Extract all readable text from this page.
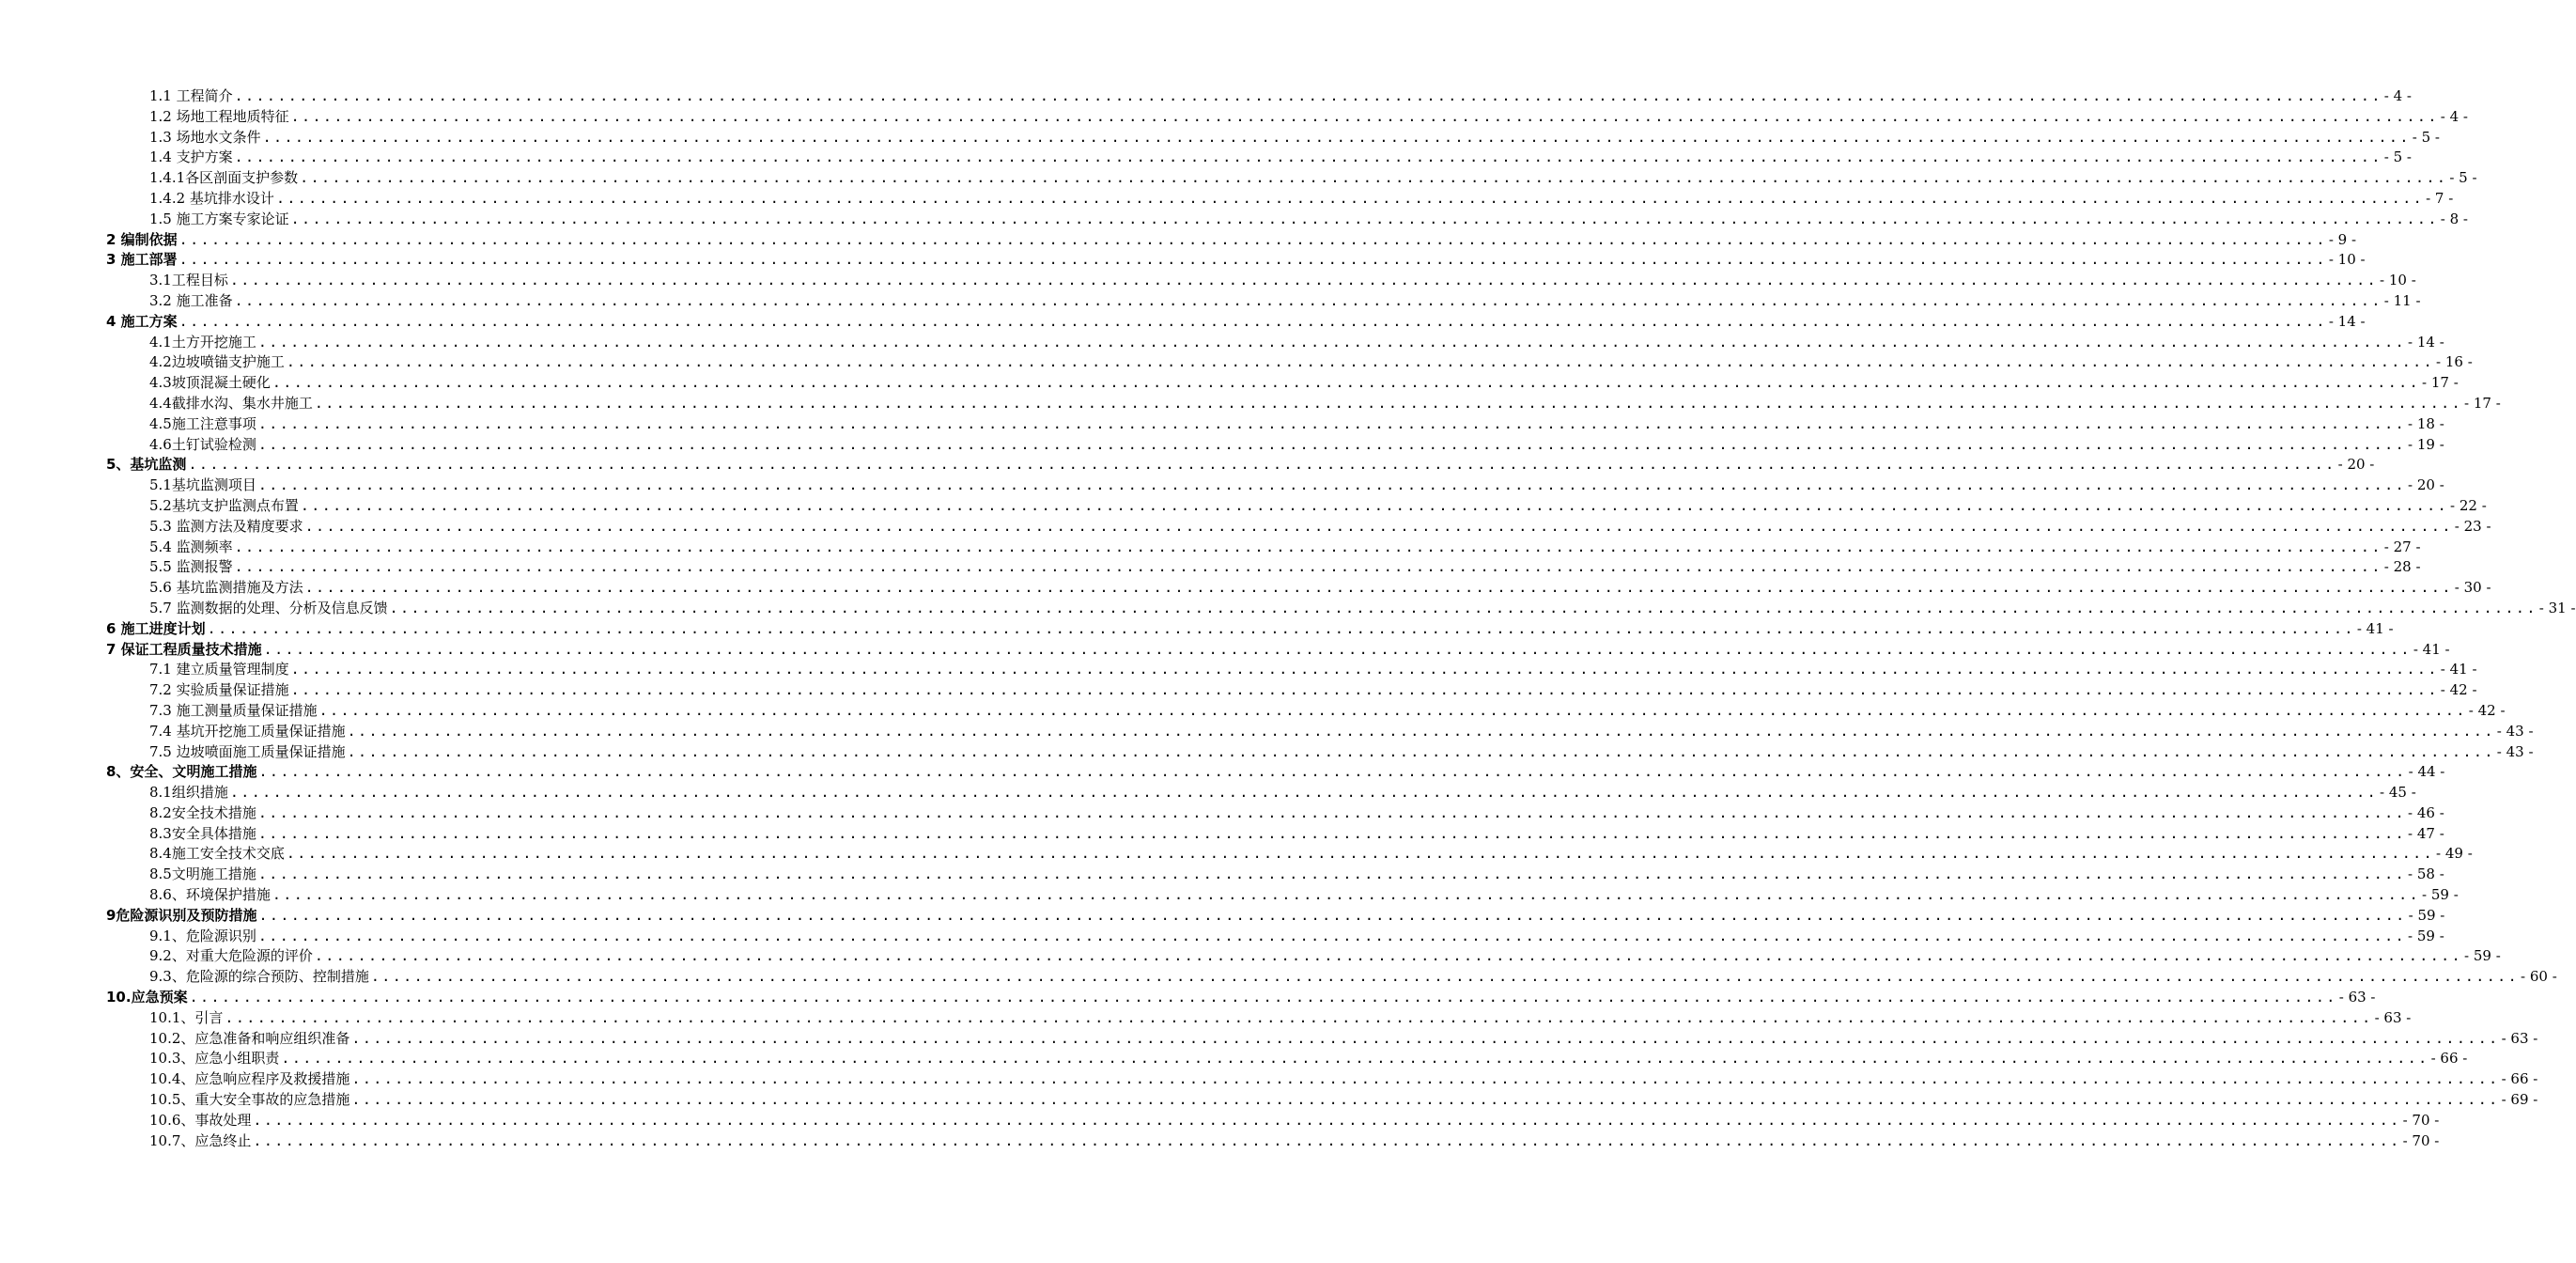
1.1 工程简介 ........................................................................................................................................................................................................ - 4 -
1.2 场地工程地质特征 ........................................................................................................................................................................................................ - 4 -
1.3 场地水文条件 ........................................................................................................................................................................................................ - 5 -
1.4 支护方案 ........................................................................................................................................................................................................ - 5 -
1.4.1各区剖面支护参数 ........................................................................................................................................................................................................ - 5 -
1.4.2 基坑排水设计 ........................................................................................................................................................................................................ - 7 -
1.5 施工方案专家论证 ........................................................................................................................................................................................................ - 8 -
2 编制依据 ........................................................................................................................................................................................................ - 9 -
3 施工部署 ........................................................................................................................................................................................................ - 10 -
3.1工程目标 ........................................................................................................................................................................................................ - 10 -
3.2 施工准备 ........................................................................................................................................................................................................ - 11 -
4 施工方案 ........................................................................................................................................................................................................ - 14 -
4.1土方开挖施工 ........................................................................................................................................................................................................ - 14 -
4.2边坡喷锚支护施工 ........................................................................................................................................................................................................ - 16 -
4.3坡顶混凝土硬化 ........................................................................................................................................................................................................ - 17 -
4.4截排水沟、集水井施工 ........................................................................................................................................................................................................ - 17 -
4.5施工注意事项 ........................................................................................................................................................................................................ - 18 -
4.6土钉试验检测 ........................................................................................................................................................................................................ - 19 -
5、基坑监测 ........................................................................................................................................................................................................ - 20 -
5.1基坑监测项目 ........................................................................................................................................................................................................ - 20 -
5.2基坑支护监测点布置 ........................................................................................................................................................................................................ - 22 -
5.3 监测方法及精度要求 ........................................................................................................................................................................................................ - 23 -
5.4 监测频率 ........................................................................................................................................................................................................ - 27 -
5.5 监测报警 ........................................................................................................................................................................................................ - 28 -
5.6 基坑监测措施及方法 ........................................................................................................................................................................................................ - 30 -
5.7 监测数据的处理、分析及信息反馈 ........................................................................................................................................................................................................ - 31 -
6 施工进度计划 ........................................................................................................................................................................................................ - 41 -
7 保证工程质量技术措施 ........................................................................................................................................................................................................ - 41 -
7.1 建立质量管理制度 ........................................................................................................................................................................................................ - 41 -
7.2 实验质量保证措施 ........................................................................................................................................................................................................ - 42 -
7.3 施工测量质量保证措施 ........................................................................................................................................................................................................ - 42 -
7.4 基坑开挖施工质量保证措施 ........................................................................................................................................................................................................ - 43 -
7.5 边坡喷面施工质量保证措施 ........................................................................................................................................................................................................ - 43 -
8、安全、文明施工措施 ........................................................................................................................................................................................................ - 44 -
8.1组织措施 ........................................................................................................................................................................................................ - 45 -
8.2安全技术措施 ........................................................................................................................................................................................................ - 46 -
8.3安全具体措施 ........................................................................................................................................................................................................ - 47 -
8.4施工安全技术交底 ........................................................................................................................................................................................................ - 49 -
8.5文明施工措施 ........................................................................................................................................................................................................ - 58 -
8.6、环境保护措施 ........................................................................................................................................................................................................ - 59 -
9危险源识别及预防措施 ........................................................................................................................................................................................................ - 59 -
9.1、危险源识别 ........................................................................................................................................................................................................ - 59 -
9.2、对重大危险源的评价 ........................................................................................................................................................................................................ - 59 -
9.3、危险源的综合预防、控制措施 ........................................................................................................................................................................................................ - 60 -
10.应急预案 ........................................................................................................................................................................................................ - 63 -
10.1、引言 ........................................................................................................................................................................................................ - 63 -
10.2、应急准备和响应组织准备 ........................................................................................................................................................................................................ - 63 -
10.3、应急小组职责 ........................................................................................................................................................................................................ - 66 -
10.4、应急响应程序及救援措施 ........................................................................................................................................................................................................ - 66 -
10.5、重大安全事故的应急措施 ........................................................................................................................................................................................................ - 69 -
10.6、事故处理 ........................................................................................................................................................................................................ - 70 -
10.7、应急终止 ........................................................................................................................................................................................................ - 70 -
